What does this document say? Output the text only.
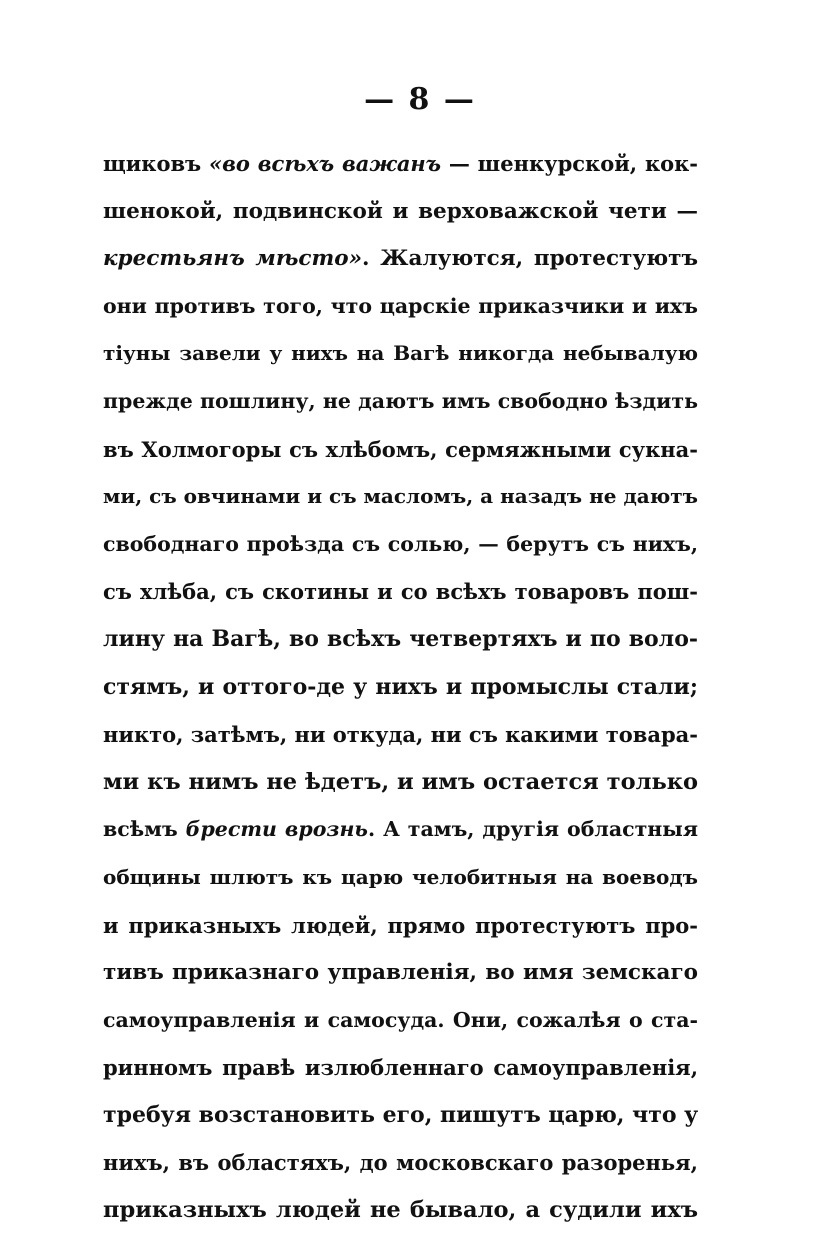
— 8 —
щиковъ «во всѣхъ важанъ — шенкурской, кок-
шенокой, подвинской и верховажской чети —
крестьянъ мѣсто». Жалуются, протестуютъ
они противъ того, что царскіе приказчики и ихъ
тіуны завели у нихъ на Вагѣ никогда небывалую
прежде пошлину, не даютъ имъ свободно ѣздить
въ Холмогоры съ хлѣбомъ, сермяжными сукна-
ми, съ овчинами и съ масломъ, а назадъ не даютъ
свободнаго проѣзда съ солью, — берутъ съ нихъ,
съ хлѣба, съ скотины и со всѣхъ товаровъ пош-
лину на Вагѣ, во всѣхъ четвертяхъ и по воло-
стямъ, и оттого-де у нихъ и промыслы стали;
никто, затѣмъ, ни откуда, ни съ какими товара-
ми къ нимъ не ѣдетъ, и имъ остается только
всѣмъ брести врознь. А тамъ, другія областныя
общины шлютъ къ царю челобитныя на воеводъ
и приказныхъ людей, прямо протестуютъ про-
тивъ приказнаго управленія, во имя земскаго
самоуправленія и самосуда. Они, сожалѣя о ста-
ринномъ правѣ излюбленнаго самоуправленія,
требуя возстановить его, пишутъ царю, что у
нихъ, въ областяхъ, до московскаго разоренья,
приказныхъ людей не бывало, а судили ихъ
